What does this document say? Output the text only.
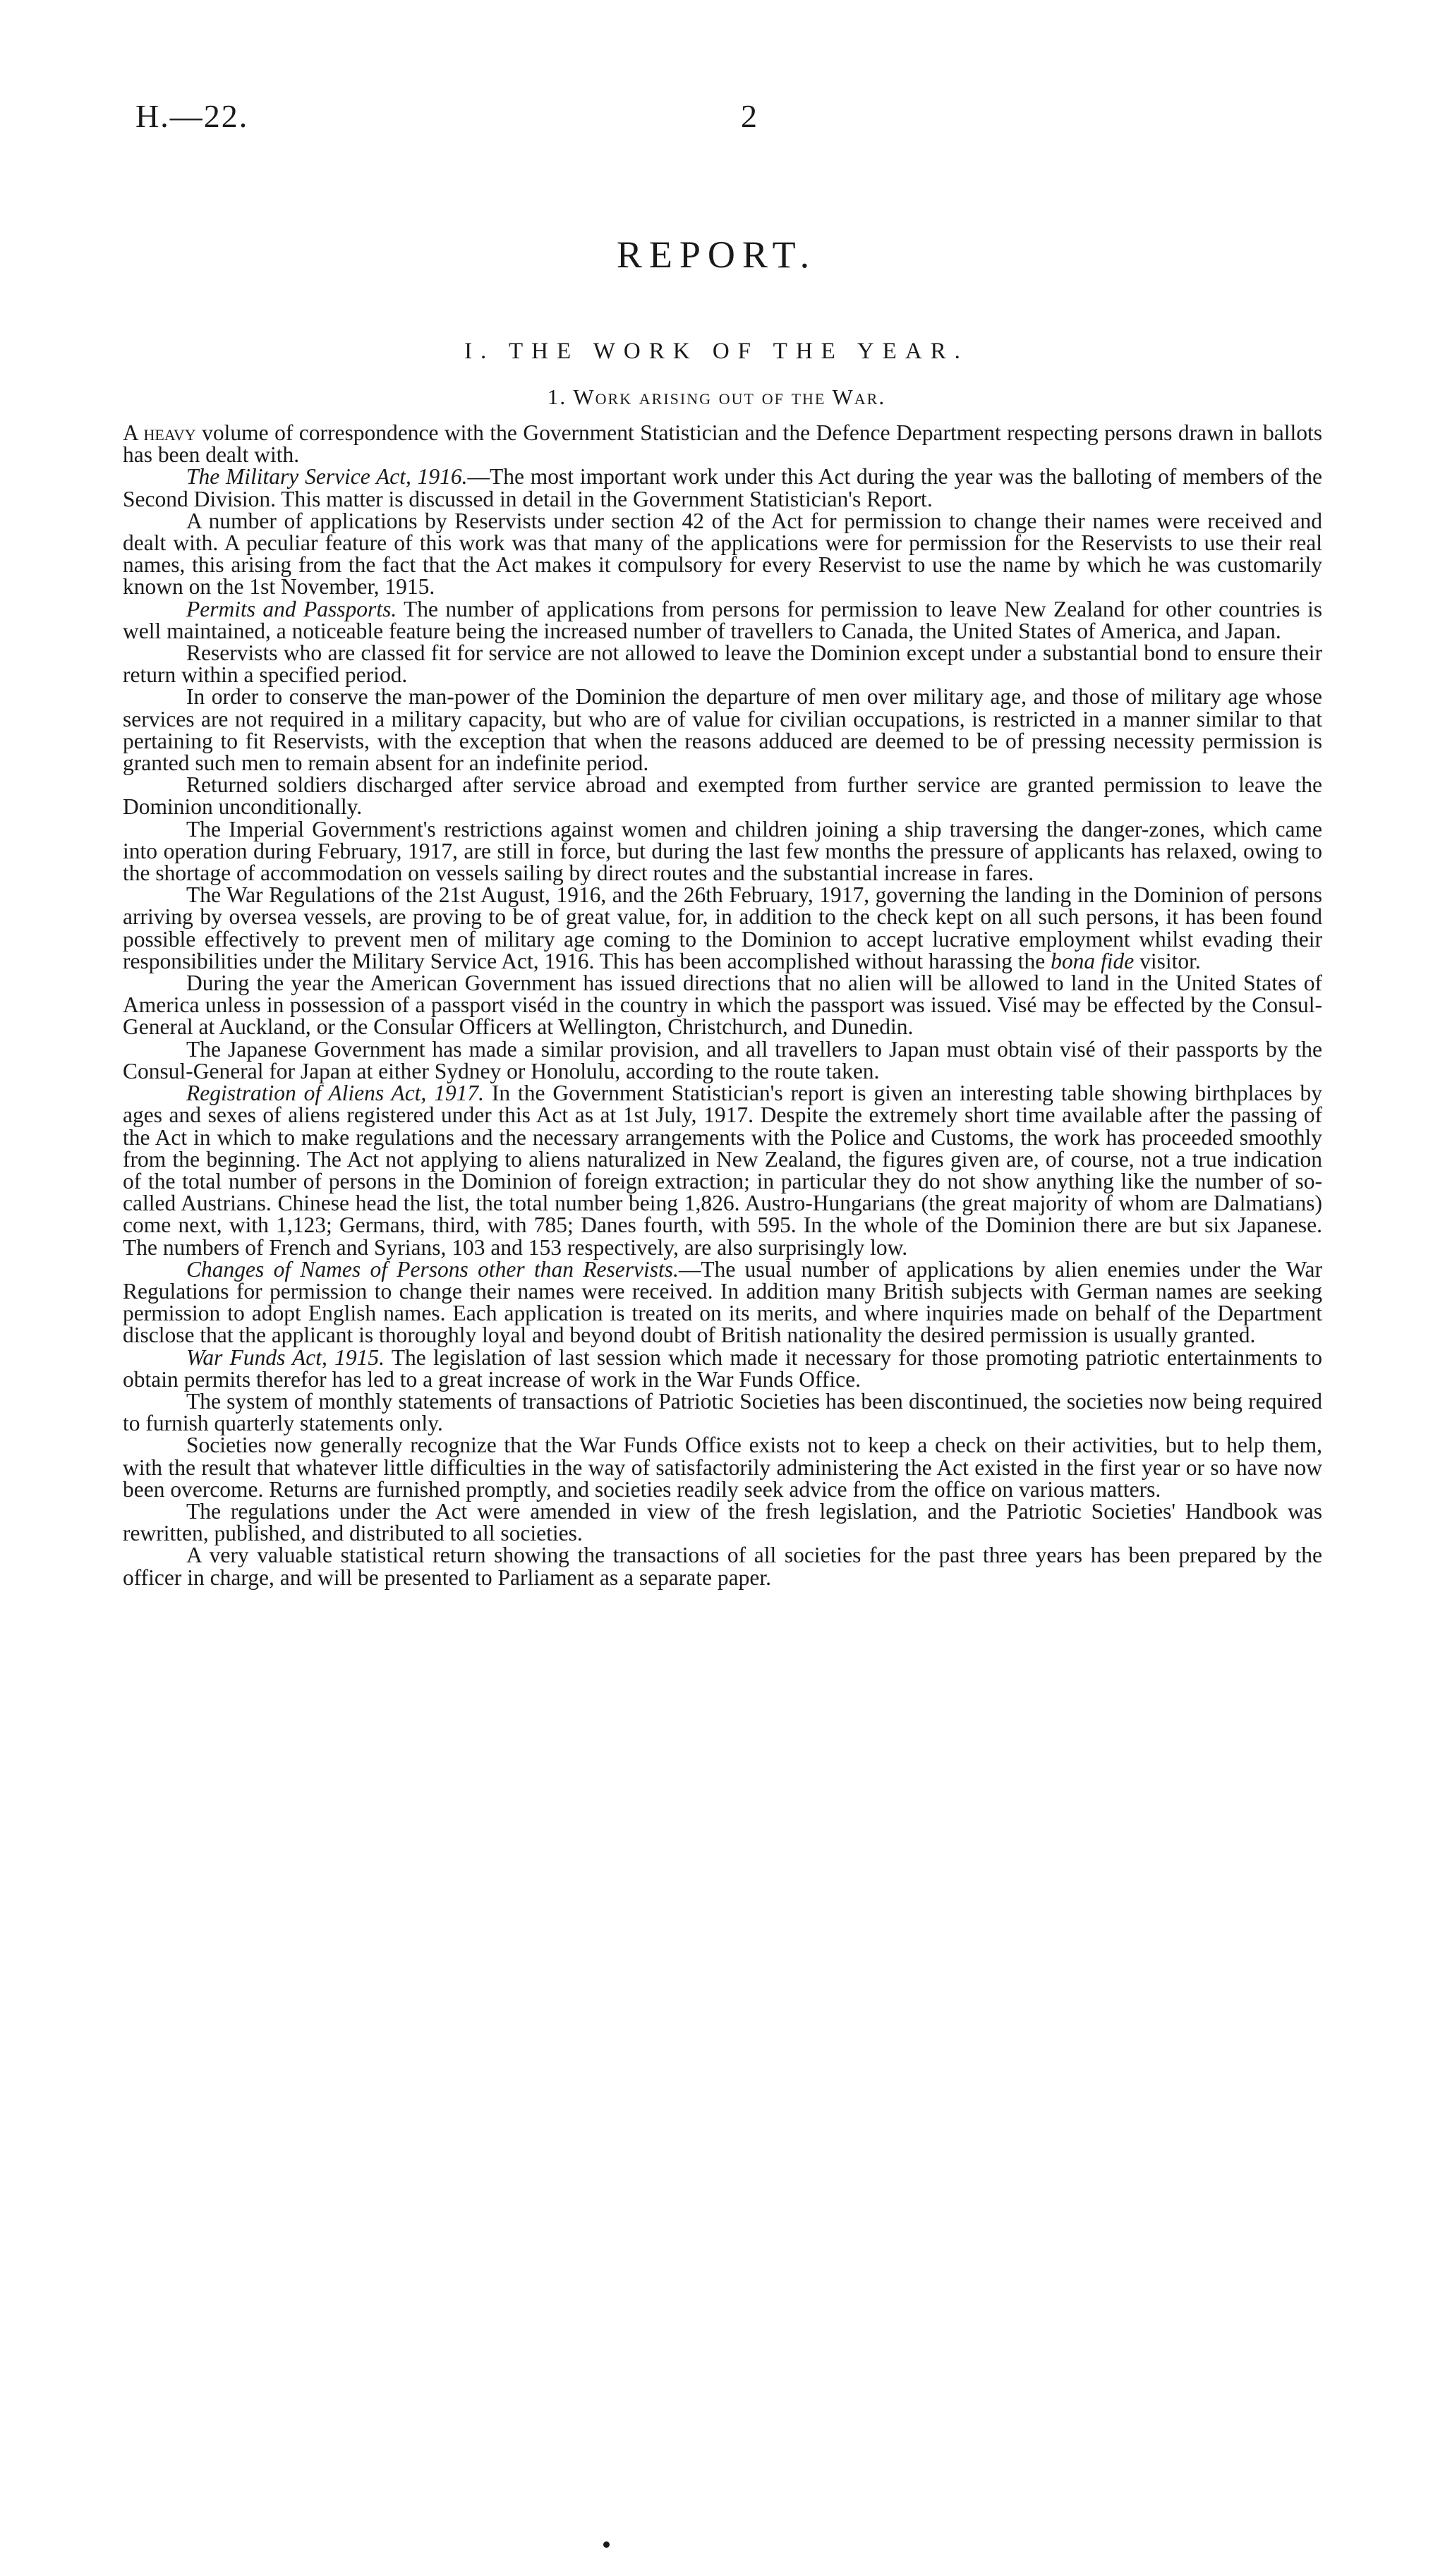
H.—22.	2
REPORT.
I. THE WORK OF THE YEAR.
1. Work arising out of the War.

A heavy volume of correspondence with the Government Statistician and the Defence Department respecting persons drawn in ballots has been dealt with.

The Military Service Act, 1916.—The most important work under this Act during the year was the balloting of members of the Second Division. This matter is discussed in detail in the Government Statistician's Report.

A number of applications by Reservists under section 42 of the Act for permission to change their names were received and dealt with. A peculiar feature of this work was that many of the applications were for permission for the Reservists to use their real names, this arising from the fact that the Act makes it compulsory for every Reservist to use the name by which he was customarily known on the 1st November, 1915.

Permits and Passports. The number of applications from persons for permission to leave New Zealand for other countries is well maintained, a noticeable feature being the increased number of travellers to Canada, the United States of America, and Japan.

Reservists who are classed fit for service are not allowed to leave the Dominion except under a substantial bond to ensure their return within a specified period.

In order to conserve the man-power of the Dominion the departure of men over military age, and those of military age whose services are not required in a military capacity, but who are of value for civilian occupations, is restricted in a manner similar to that pertaining to fit Reservists, with the exception that when the reasons adduced are deemed to be of pressing necessity permission is granted such men to remain absent for an indefinite period.

Returned soldiers discharged after service abroad and exempted from further service are granted permission to leave the Dominion unconditionally.

The Imperial Government's restrictions against women and children joining a ship traversing the danger-zones, which came into operation during February, 1917, are still in force, but during the last few months the pressure of applicants has relaxed, owing to the shortage of accommodation on vessels sailing by direct routes and the substantial increase in fares.

The War Regulations of the 21st August, 1916, and the 26th February, 1917, governing the landing in the Dominion of persons arriving by oversea vessels, are proving to be of great value, for, in addition to the check kept on all such persons, it has been found possible effectively to prevent men of military age coming to the Dominion to accept lucrative employment whilst evading their responsibilities under the Military Service Act, 1916. This has been accomplished without harassing the bona fide visitor.

During the year the American Government has issued directions that no alien will be allowed to land in the United States of America unless in possession of a passport viséd in the country in which the passport was issued. Visé may be effected by the Consul-General at Auckland, or the Consular Officers at Wellington, Christchurch, and Dunedin.

The Japanese Government has made a similar provision, and all travellers to Japan must obtain visé of their passports by the Consul-General for Japan at either Sydney or Honolulu, according to the route taken.

Registration of Aliens Act, 1917. In the Government Statistician's report is given an interesting table showing birthplaces by ages and sexes of aliens registered under this Act as at 1st July, 1917. Despite the extremely short time available after the passing of the Act in which to make regulations and the necessary arrangements with the Police and Customs, the work has proceeded smoothly from the beginning. The Act not applying to aliens naturalized in New Zealand, the figures given are, of course, not a true indication of the total number of persons in the Dominion of foreign extraction; in particular they do not show anything like the number of so-called Austrians. Chinese head the list, the total number being 1,826. Austro-Hungarians (the great majority of whom are Dalmatians) come next, with 1,123; Germans, third, with 785; Danes fourth, with 595. In the whole of the Dominion there are but six Japanese. The numbers of French and Syrians, 103 and 153 respectively, are also surprisingly low.

Changes of Names of Persons other than Reservists.—The usual number of applications by alien enemies under the War Regulations for permission to change their names were received. In addition many British subjects with German names are seeking permission to adopt English names. Each application is treated on its merits, and where inquiries made on behalf of the Department disclose that the applicant is thoroughly loyal and beyond doubt of British nationality the desired permission is usually granted.

War Funds Act, 1915. The legislation of last session which made it necessary for those promoting patriotic entertainments to obtain permits therefor has led to a great increase of work in the War Funds Office.

The system of monthly statements of transactions of Patriotic Societies has been discontinued, the societies now being required to furnish quarterly statements only.

Societies now generally recognize that the War Funds Office exists not to keep a check on their activities, but to help them, with the result that whatever little difficulties in the way of satisfactorily administering the Act existed in the first year or so have now been overcome. Returns are furnished promptly, and societies readily seek advice from the office on various matters.

The regulations under the Act were amended in view of the fresh legislation, and the Patriotic Societies' Handbook was rewritten, published, and distributed to all societies.

A very valuable statistical return showing the transactions of all societies for the past three years has been prepared by the officer in charge, and will be presented to Parliament as a separate paper.
